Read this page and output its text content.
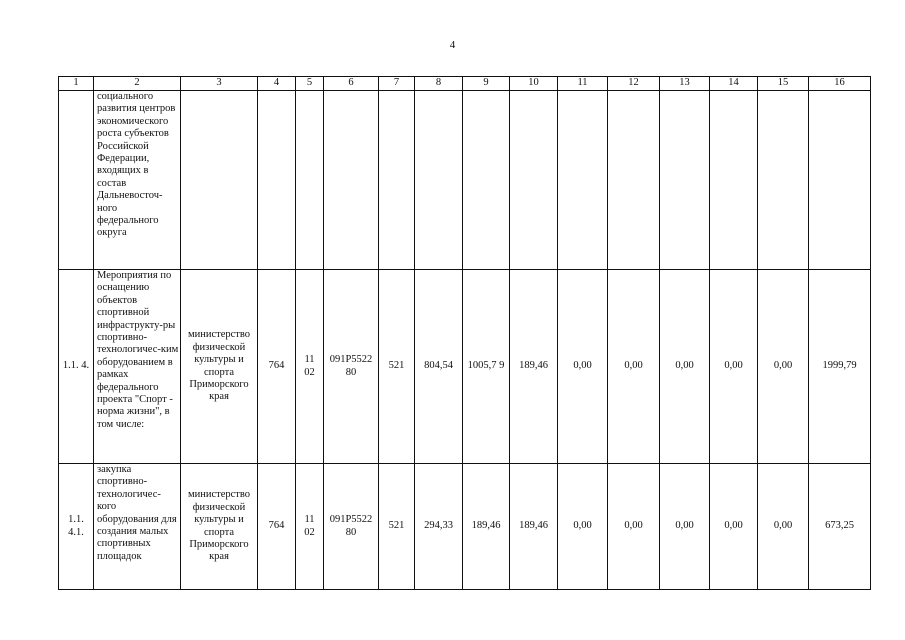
4
1	2	3	4	5	6	7	8	9	10	11	12	13	14	15	16
	социального развития центров экономического роста субъектов Российской Федерации, входящих в состав Дальневосточ-ного федерального округа														
1.1. 4.	Мероприятия по оснащению объектов спортивной инфраструкту-ры спортивно-технологичес-ким оборудованием в рамках федерального проекта "Спорт - норма жизни", в том числе:	министерство физической культуры и спорта Приморского края	764	11 02	091Р5522 80	521	804,54	1005,7 9	189,46	0,00	0,00	0,00	0,00	0,00	1999,79
1.1. 4.1.	закупка спортивно-технологичес-кого оборудования для создания малых спортивных площадок	министерство физической культуры и спорта Приморского края	764	11 02	091Р5522 80	521	294,33	189,46	189,46	0,00	0,00	0,00	0,00	0,00	673,25
